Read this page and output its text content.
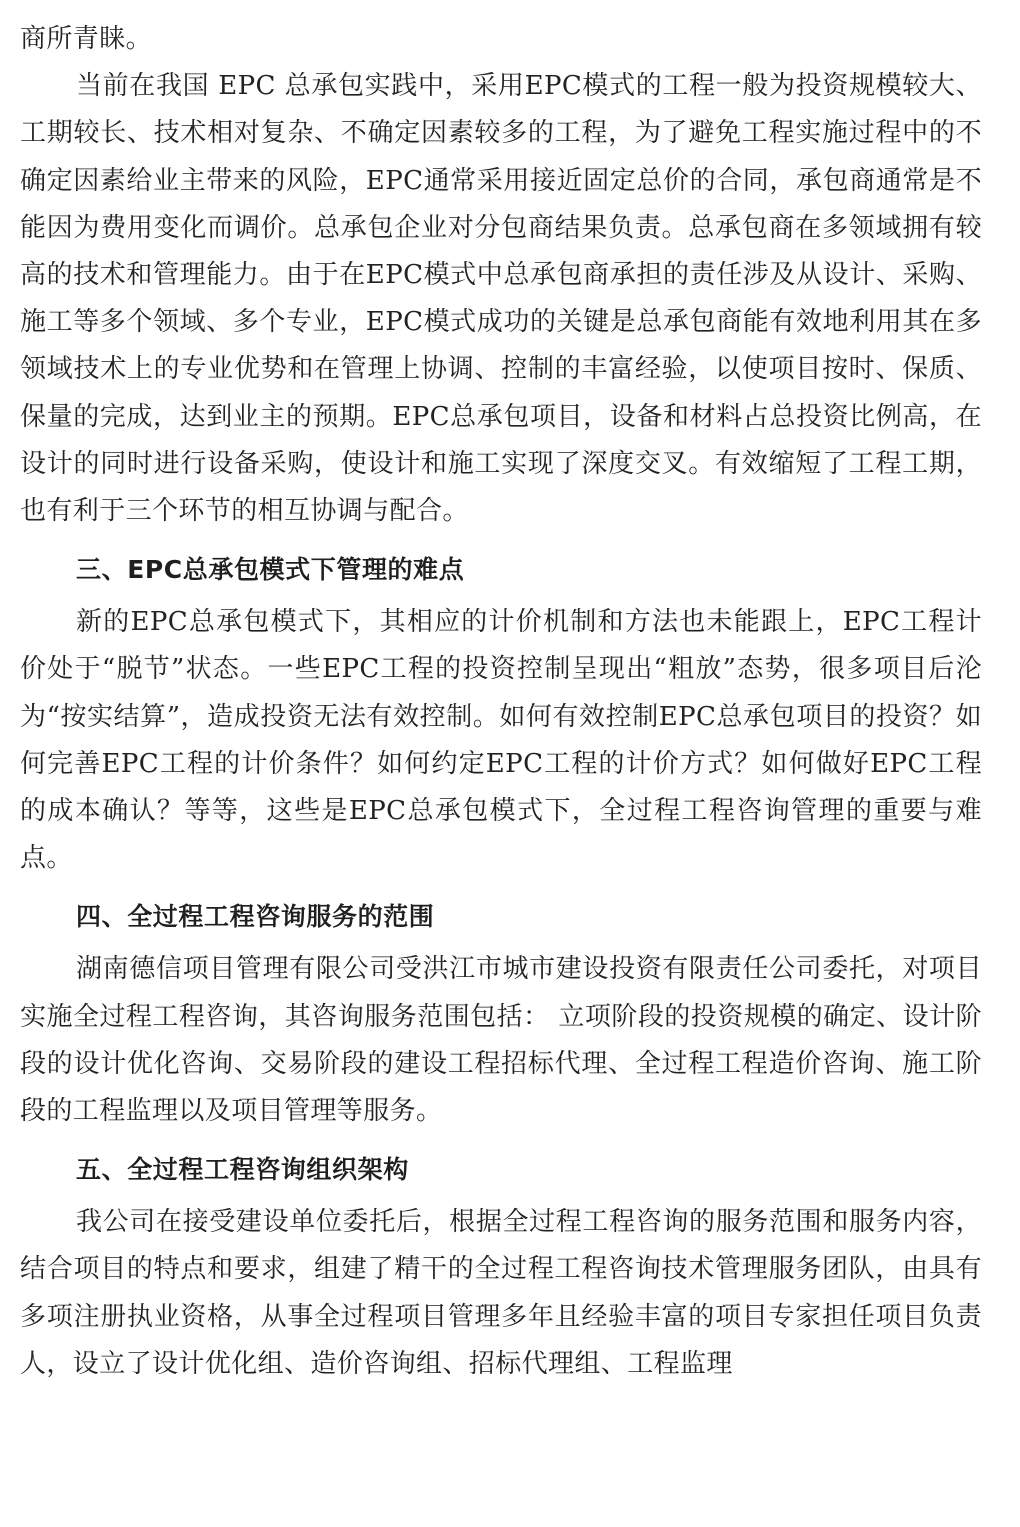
商所青睐。

当前在我国 EPC 总承包实践中，采用EPC模式的工程一般为投资规模较大、工期较长、技术相对复杂、不确定因素较多的工程，为了避免工程实施过程中的不确定因素给业主带来的风险，EPC通常采用接近固定总价的合同，承包商通常是不能因为费用变化而调价。总承包企业对分包商结果负责。总承包商在多领域拥有较高的技术和管理能力。由于在EPC模式中总承包商承担的责任涉及从设计、采购、施工等多个领域、多个专业，EPC模式成功的关键是总承包商能有效地利用其在多领域技术上的专业优势和在管理上协调、控制的丰富经验，以使项目按时、保质、保量的完成，达到业主的预期。EPC总承包项目，设备和材料占总投资比例高，在设计的同时进行设备采购，使设计和施工实现了深度交叉。有效缩短了工程工期，也有利于三个环节的相互协调与配合。

三、EPC总承包模式下管理的难点

新的EPC总承包模式下，其相应的计价机制和方法也未能跟上，EPC工程计价处于“脱节”状态。一些EPC工程的投资控制呈现出“粗放”态势，很多项目后沦为“按实结算”，造成投资无法有效控制。如何有效控制EPC总承包项目的投资？如何完善EPC工程的计价条件？如何约定EPC工程的计价方式？如何做好EPC工程的成本确认？等等，这些是EPC总承包模式下，全过程工程咨询管理的重要与难点。

四、全过程工程咨询服务的范围

湖南德信项目管理有限公司受洪江市城市建设投资有限责任公司委托，对项目实施全过程工程咨询，其咨询服务范围包括： 立项阶段的投资规模的确定、设计阶段的设计优化咨询、交易阶段的建设工程招标代理、全过程工程造价咨询、施工阶段的工程监理以及项目管理等服务。

五、全过程工程咨询组织架构

我公司在接受建设单位委托后，根据全过程工程咨询的服务范围和服务内容，结合项目的特点和要求，组建了精干的全过程工程咨询技术管理服务团队，由具有多项注册执业资格，从事全过程项目管理多年且经验丰富的项目专家担任项目负责人，设立了设计优化组、造价咨询组、招标代理组、工程监理
